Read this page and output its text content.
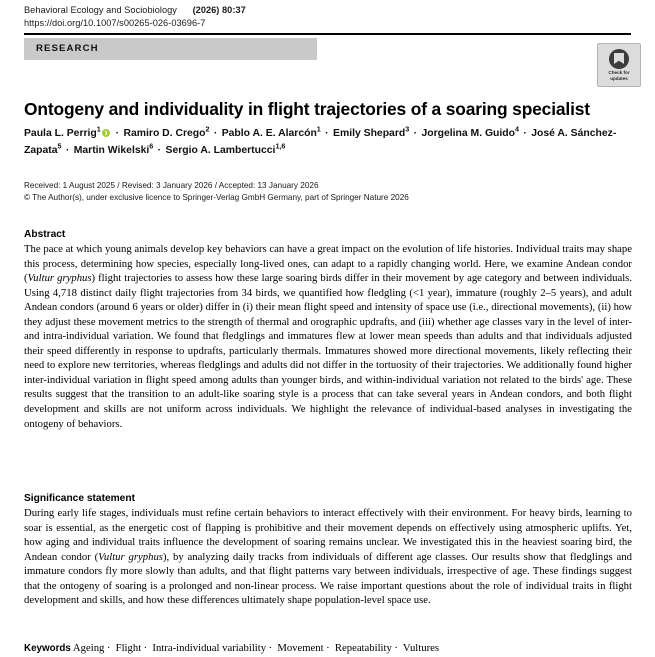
Behavioral Ecology and Sociobiology (2026) 80:37
https://doi.org/10.1007/s00265-026-03696-7
RESEARCH
Check for
updates
Ontogeny and individuality in flight trajectories of a soaring specialist
Paula L. Perrig$^1$ · Ramiro D. Crego$^2$ · Pablo A. E. Alarcón$^1$ · Emily Shepard$^3$ · Jorgelina M. Guido$^4$ · José A. Sánchez-Zapata$^5$ · Martin Wikelski$^6$ · Sergio A. Lambertucci$^{1,6}$
Received: 1 August 2025 / Revised: 3 January 2026 / Accepted: 13 January 2026
© The Author(s), under exclusive licence to Springer-Verlag GmbH Germany, part of Springer Nature 2026
Abstract

The pace at which young animals develop key behaviors can have a great impact on the evolution of life histories. Individual traits may shape this process, determining how species, especially long-lived ones, can adapt to a rapidly changing world. Here, we examine Andean condor (Vultur gryphus) flight trajectories to assess how these large soaring birds differ in their movement by age category and between individuals. Using 4,718 distinct daily flight trajectories from 34 birds, we quantified how fledgling (<1 year), immature (roughly 2–5 years), and adult Andean condors (around 6 years or older) differ in (i) their mean flight speed and intensity of space use (i.e., directional movements), (ii) how they adjust these movement metrics to the strength of thermal and orographic updrafts, and (iii) whether age classes vary in the level of inter- and intra-individual variation. We found that fledglings and immatures flew at lower mean speeds than adults and that individuals adjusted their speed differently in response to updrafts, particularly thermals. Immatures showed more directional movements, likely reflecting their need to explore new territories, whereas fledglings and adults did not differ in the tortuosity of their trajectories. We additionally found higher inter-individual variation in flight speed among adults than younger birds, and within-individual variation not related to the birds' age. These results suggest that the transition to an adult-like soaring style is a process that can take several years in Andean condors, and both flight development and skills are not uniform across individuals. We highlight the relevance of individual-based analyses in investigating the ontogeny of behaviors.

Significance statement

During early life stages, individuals must refine certain behaviors to interact effectively with their environment. For heavy birds, learning to soar is essential, as the energetic cost of flapping is prohibitive and their movement depends on effectively using atmospheric uplifts. Yet, how aging and individual traits influence the development of soaring remains unclear. We investigated this in the heaviest soaring bird, the Andean condor (Vultur gryphus), by analyzing daily tracks from individuals of different age classes. Our results show that fledglings and immature condors fly more slowly than adults, and that flight patterns vary between individuals, irrespective of age. These findings suggest that the ontogeny of soaring is a prolonged and non-linear process. We raise important questions about the role of individual traits in flight development and skills, and how these differences ultimately shape population-level space use.

Keywords Ageing · Flight · Intra-individual variability · Movement · Repeatability · Vultures
